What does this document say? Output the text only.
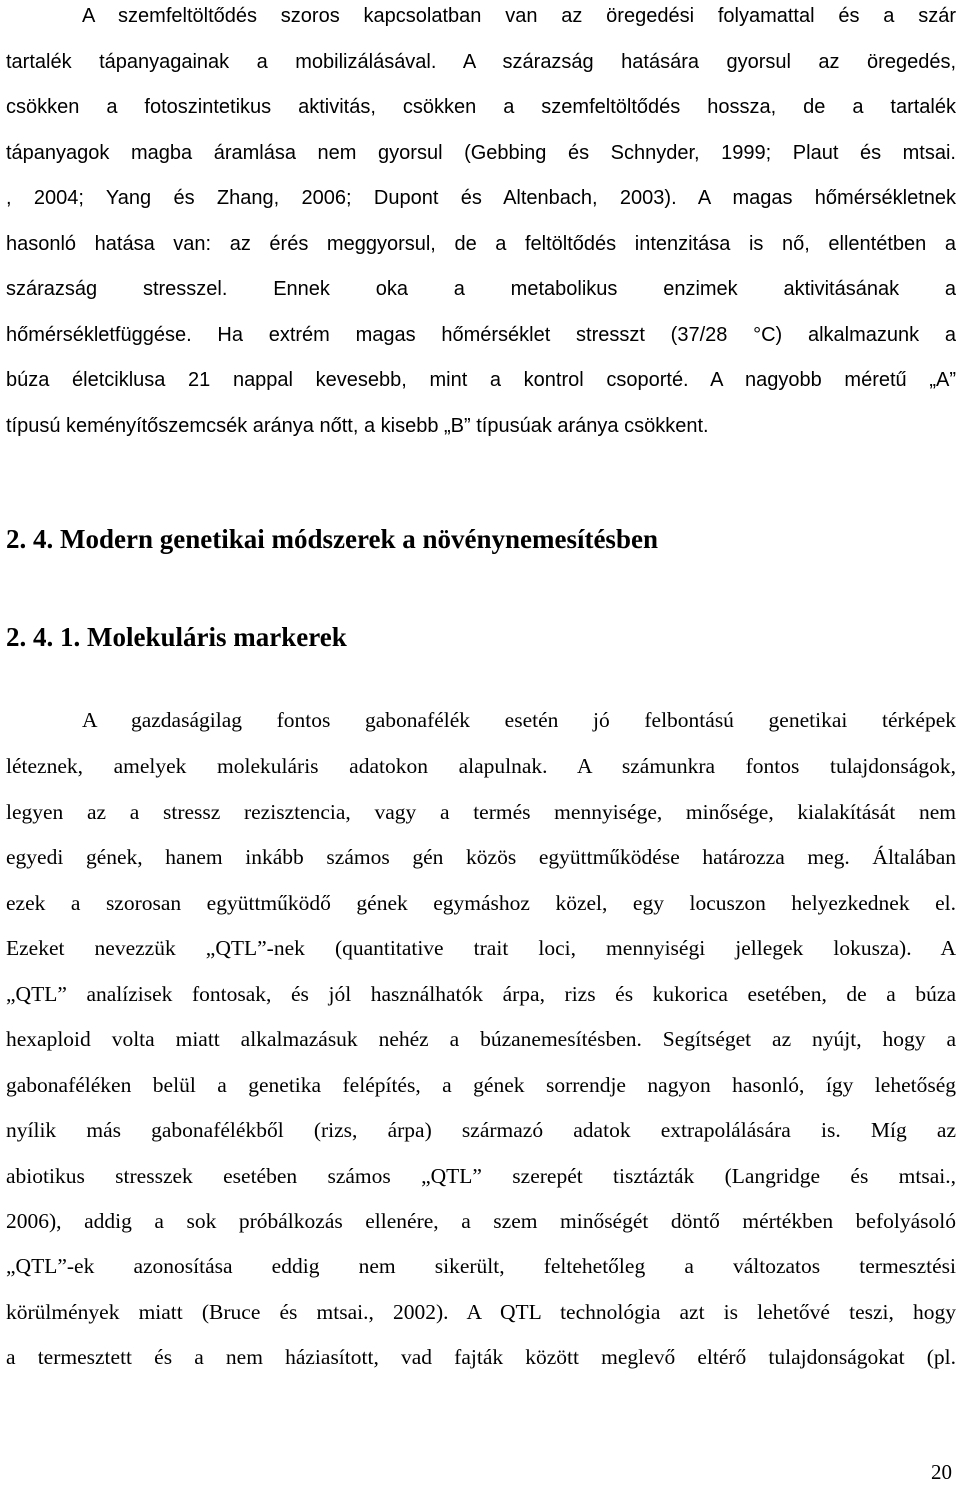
A szemfeltöltődés szoros kapcsolatban van az öregedési folyamattal és a szár
tartalék tápanyagainak a mobilizálásával. A szárazság hatására gyorsul az öregedés,
csökken a fotoszintetikus aktivitás, csökken a szemfeltöltődés hossza, de a tartalék
tápanyagok magba áramlása nem gyorsul (Gebbing és Schnyder, 1999; Plaut és mtsai.
, 2004; Yang és Zhang, 2006; Dupont és Altenbach, 2003). A magas hőmérsékletnek
hasonló hatása van: az érés meggyorsul, de a feltöltődés intenzitása is nő, ellentétben a
szárazság stresszel. Ennek oka a metabolikus enzimek aktivitásának a
hőmérsékletfüggése. Ha extrém magas hőmérséklet stresszt (37/28 °C) alkalmazunk a
búza életciklusa 21 nappal kevesebb, mint a kontrol csoporté. A nagyobb méretű „A”
típusú keményítőszemcsék aránya nőtt, a kisebb „B” típusúak aránya csökkent.
2. 4. Modern genetikai módszerek a növénynemesítésben
2. 4. 1. Molekuláris markerek
A gazdaságilag fontos gabonafélék esetén jó felbontású genetikai térképek
léteznek, amelyek molekuláris adatokon alapulnak. A számunkra fontos tulajdonságok,
legyen az a stressz rezisztencia, vagy a termés mennyisége, minősége, kialakítását nem
egyedi gének, hanem inkább számos gén közös együttműködése határozza meg. Általában
ezek a szorosan együttműködő gének egymáshoz közel, egy locuszon helyezkednek el.
Ezeket nevezzük „QTL”-nek (quantitative trait loci, mennyiségi jellegek lokusza). A
„QTL” analízisek fontosak, és jól használhatók árpa, rizs és kukorica esetében, de a búza
hexaploid volta miatt alkalmazásuk nehéz a búzanemesítésben. Segítséget az nyújt, hogy a
gabonaféléken belül a genetika felépítés, a gének sorrendje nagyon hasonló, így lehetőség
nyílik más gabonafélékből (rizs, árpa) származó adatok extrapolálására is. Míg az
abiotikus stresszek esetében számos „QTL” szerepét tisztázták (Langridge és mtsai.,
2006), addig a sok próbálkozás ellenére, a szem minőségét döntő mértékben befolyásoló
„QTL”-ek azonosítása eddig nem sikerült, feltehetőleg a változatos termesztési
körülmények miatt (Bruce és mtsai., 2002). A QTL technológia azt is lehetővé teszi, hogy
a termesztett és a nem háziasított, vad fajták között meglevő eltérő tulajdonságokat (pl.
20
